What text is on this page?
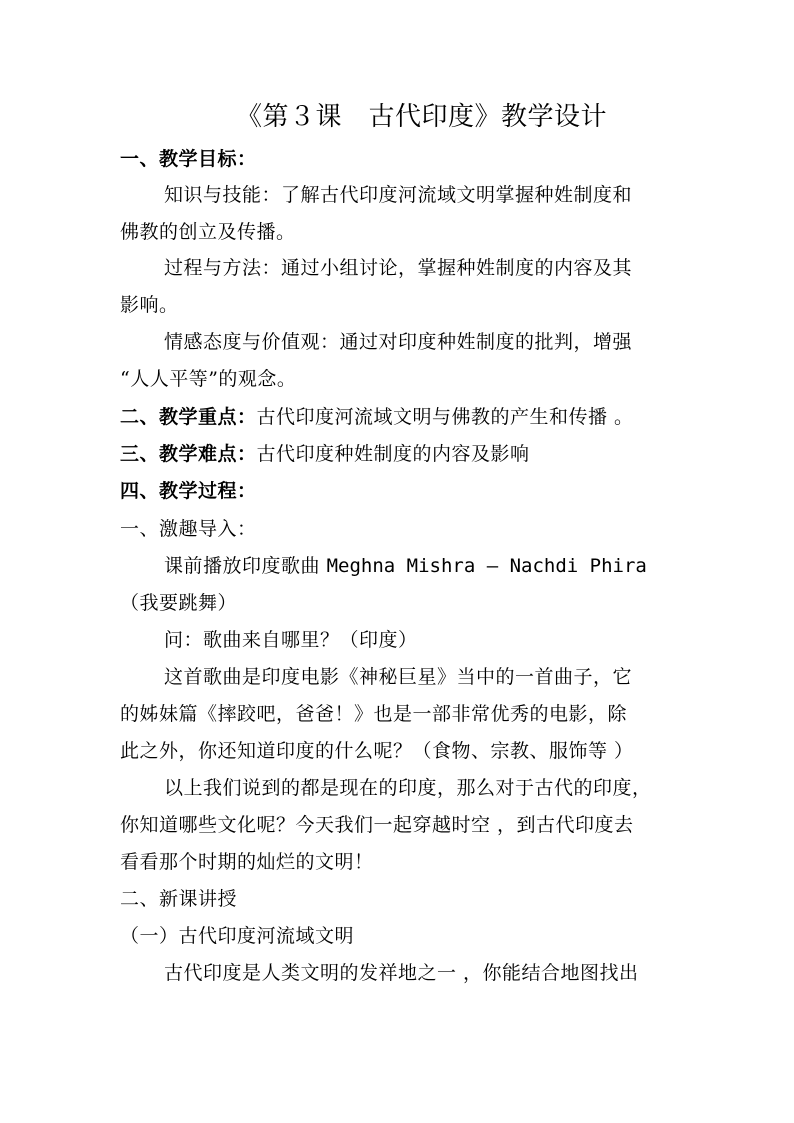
《第３课　古代印度》教学设计
一、教学目标：
知识与技能：了解古代印度河流域文明掌握种姓制度和
佛教的创立及传播。
过程与方法：通过小组讨论，掌握种姓制度的内容及其
影响。
情感态度与价值观：通过对印度种姓制度的批判，增强
“人人平等”的观念。
二、教学重点：古代印度河流域文明与佛教的产生和传播 。
三、教学难点：古代印度种姓制度的内容及影响
四、教学过程：
一、激趣导入：
课前播放印度歌曲 Meghna Mishra – Nachdi Phira
（我要跳舞）
问：歌曲来自哪里？（印度）
这首歌曲是印度电影《神秘巨星》当中的一首曲子，它
的姊妹篇《摔跤吧，爸爸！》也是一部非常优秀的电影，除
此之外，你还知道印度的什么呢？（食物、宗教、服饰等 ）
以上我们说到的都是现在的印度，那么对于古代的印度，
你知道哪些文化呢？今天我们一起穿越时空 ，到古代印度去
看看那个时期的灿烂的文明！
二、新课讲授
（一）古代印度河流域文明
古代印度是人类文明的发祥地之一 ，你能结合地图找出
